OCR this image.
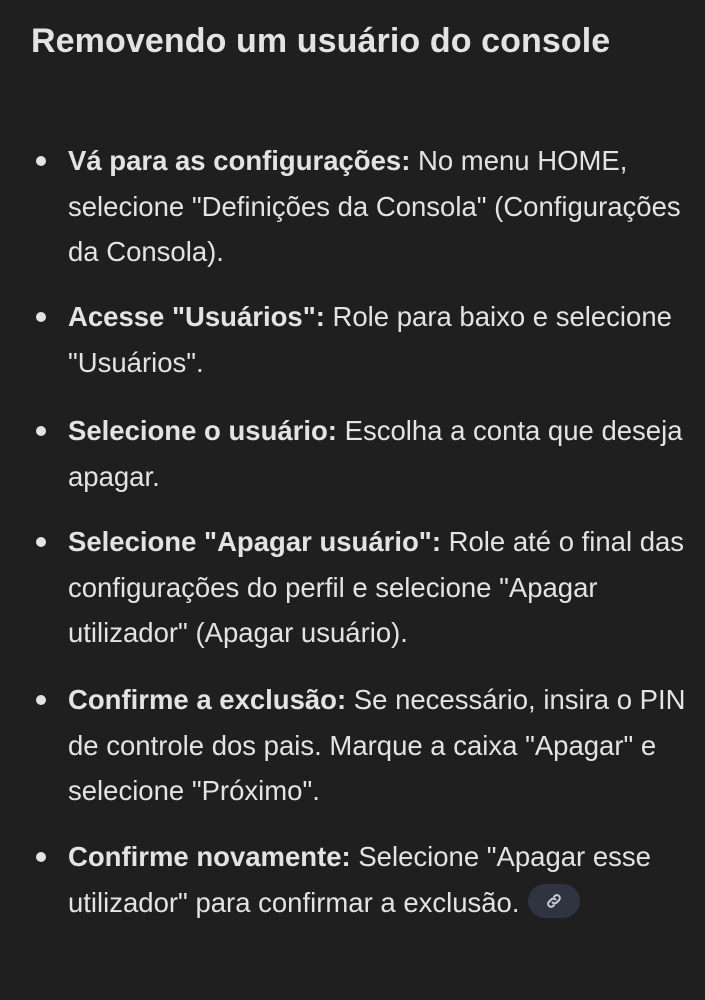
Removendo um usuário do console
Vá para as configurações: No menu HOME, selecione "Definições da Consola" (Configurações da Consola).
Acesse "Usuários": Role para baixo e selecione "Usuários".
Selecione o usuário: Escolha a conta que deseja apagar.
Selecione "Apagar usuário": Role até o final das configurações do perfil e selecione "Apagar utilizador" (Apagar usuário).
Confirme a exclusão: Se necessário, insira o PIN de controle dos pais. Marque a caixa "Apagar" e selecione "Próximo".
Confirme novamente: Selecione "Apagar esse utilizador" para confirmar a exclusão.
